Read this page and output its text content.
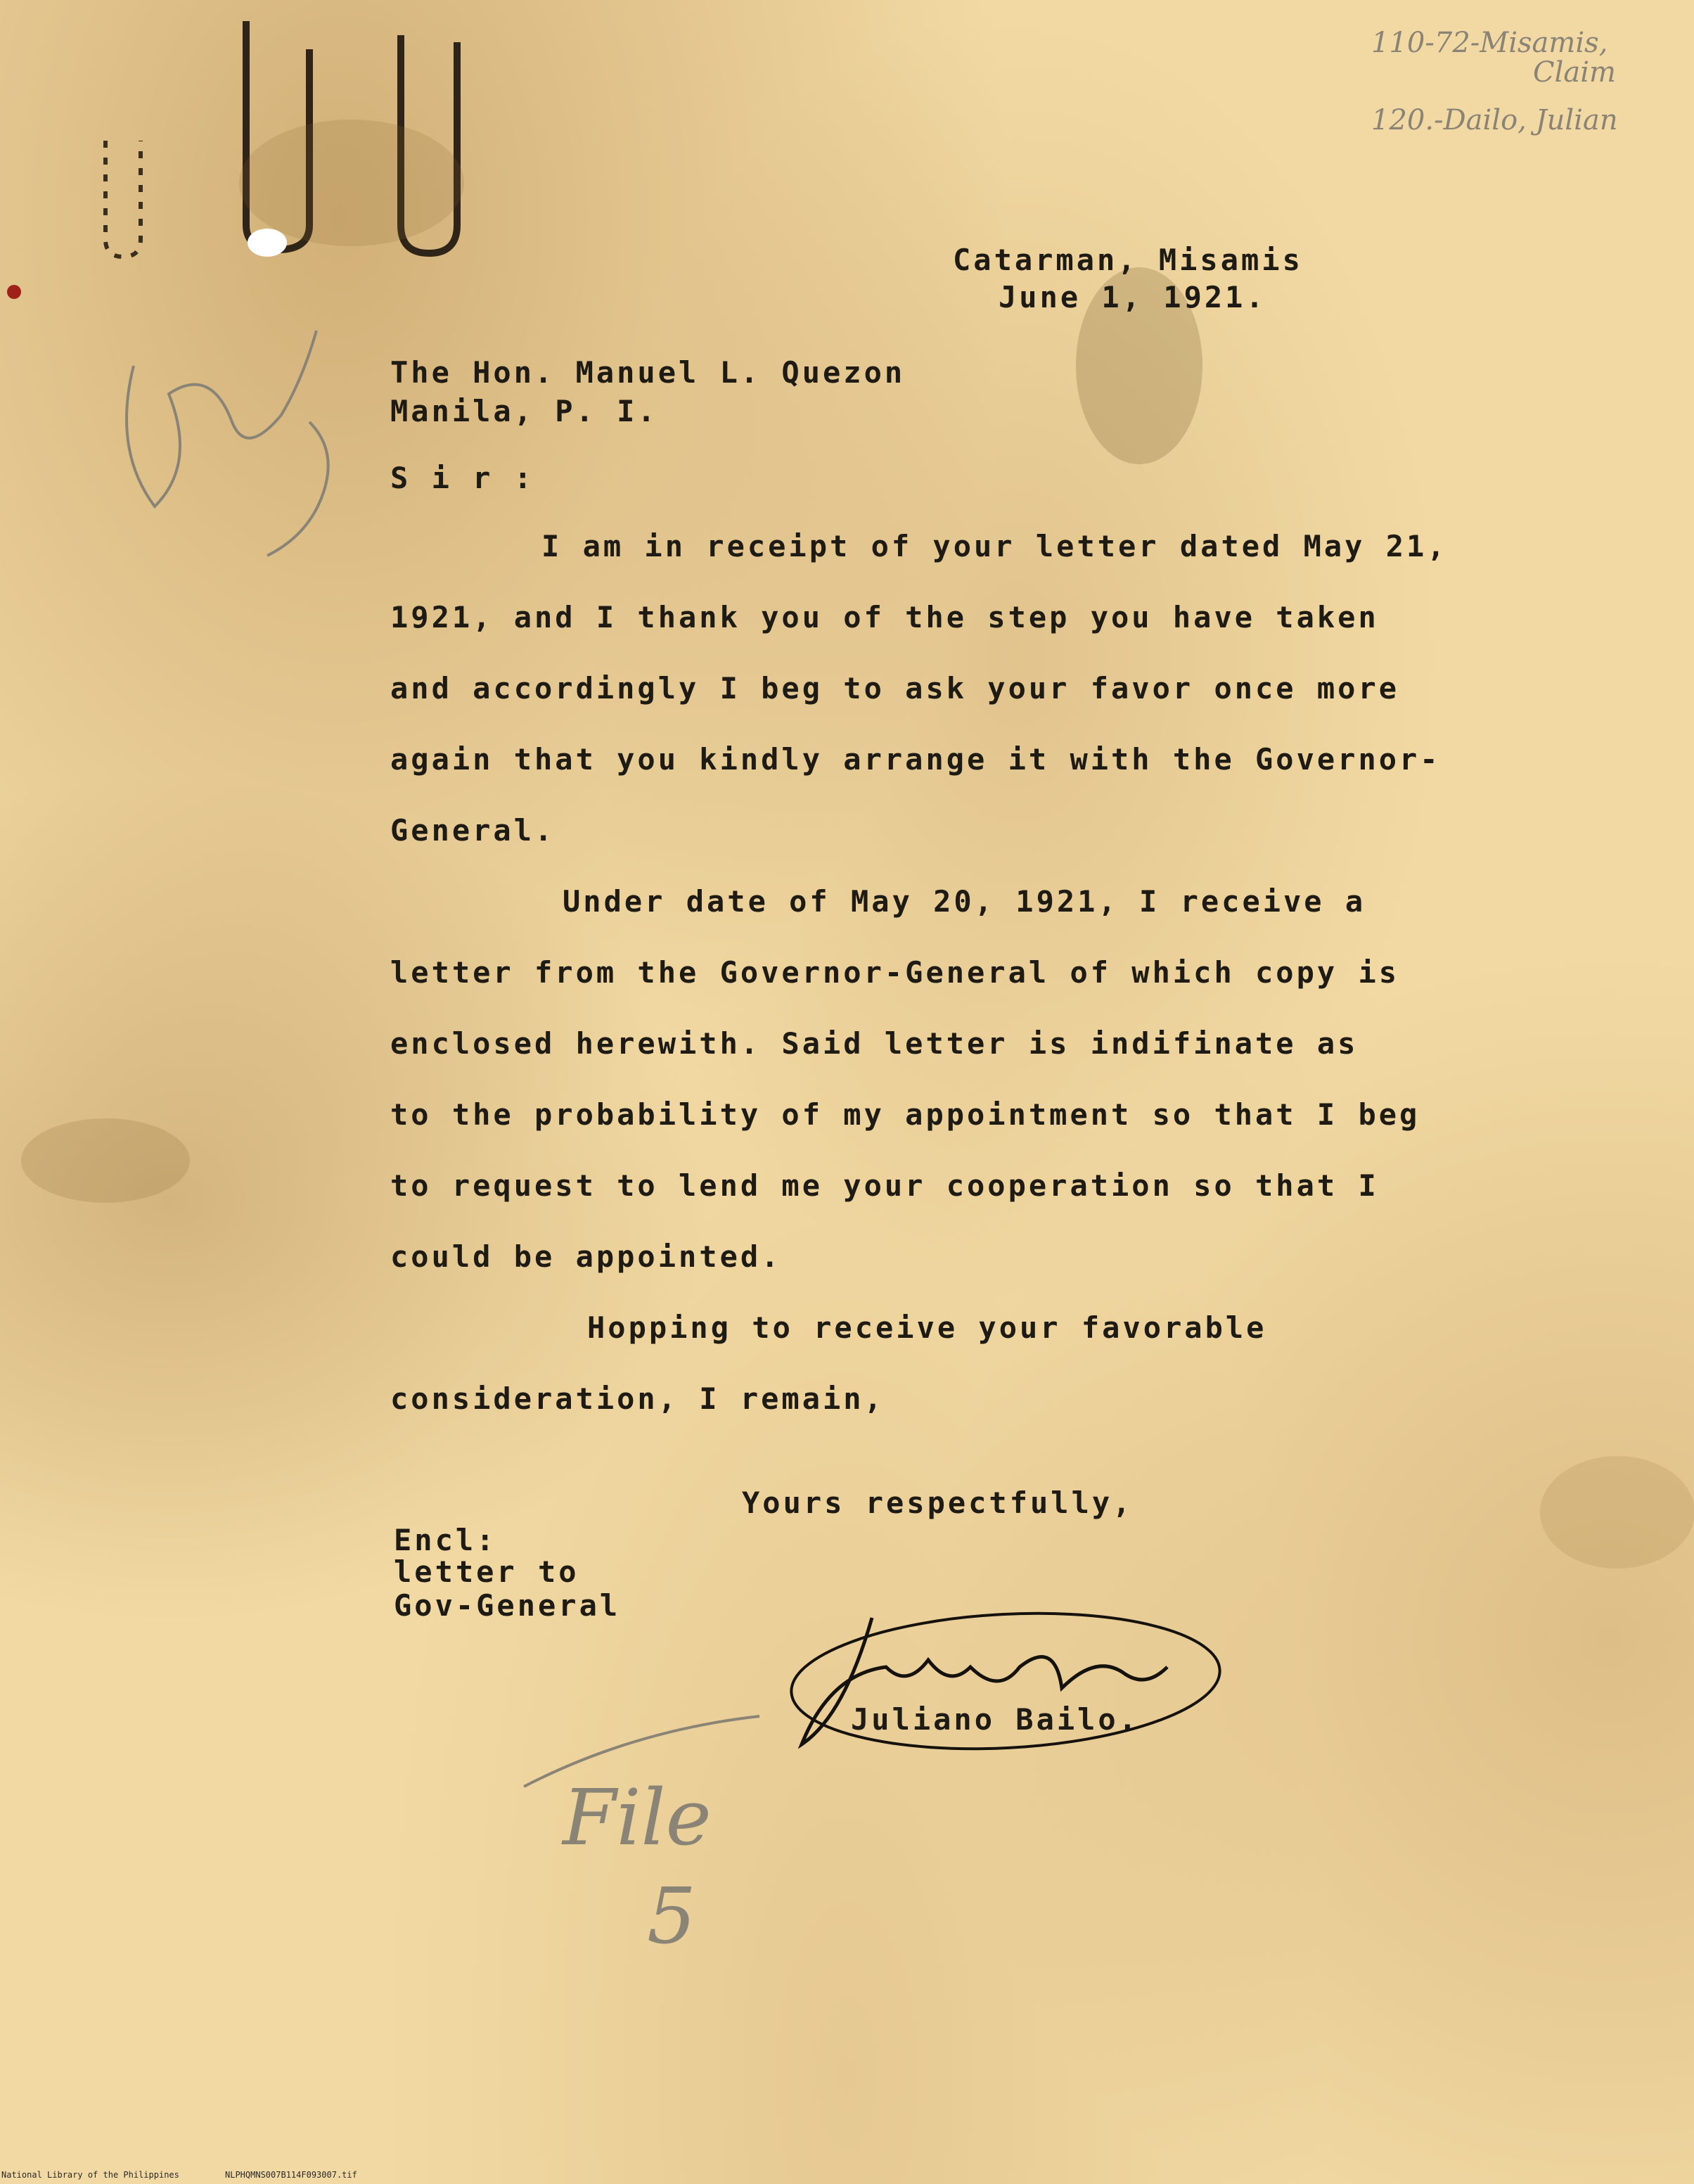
110-72-Misamis,
Claim
120.-Dailo, Julian
File
5
Catarman, Misamis
June 1, 1921.
The Hon. Manuel L. Quezon
Manila, P. I.
S i r :
I am in receipt of your letter dated May 21,
1921, and I thank you of the step you have taken
and accordingly I beg to ask your favor once more
again that you kindly arrange it with the Governor-
General.
Under date of May 20, 1921, I receive a
letter from the Governor-General of which copy is
enclosed herewith. Said letter is indifinate as
to the probability of my appointment so that I beg
to request to lend me your cooperation so that I
could be appointed.
Hopping to receive your favorable
consideration, I remain,
Yours respectfully,
Encl:
letter to
Gov-General
Juliano Bailo.
National Library of the Philippines	NLPHQMNS007B114F093007.tif
